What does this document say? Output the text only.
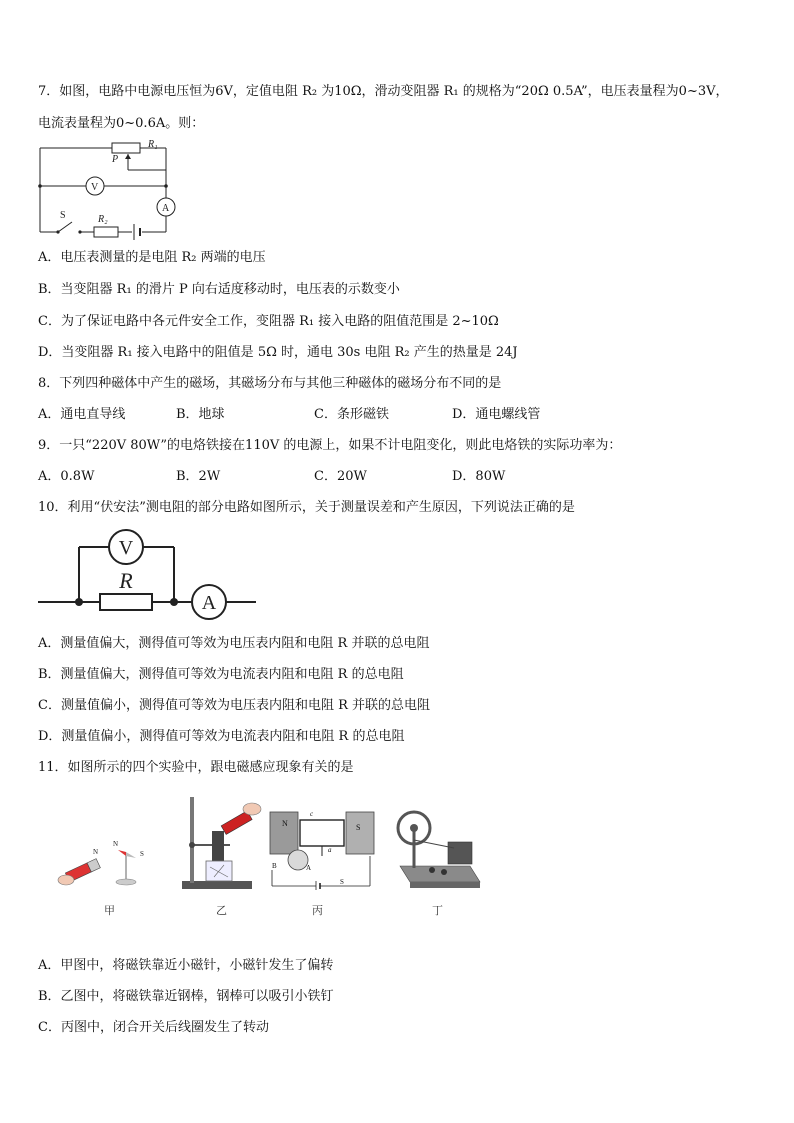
7．如图，电路中电源电压恒为6V，定值电阻 R₂ 为10Ω，滑动变阻器 R₁ 的规格为“20Ω 0.5A”，电压表量程为0~3V，
电流表量程为0~0.6A。则：
R₁
P
V
A
S	R₂
A．电压表测量的是电阻 R₂ 两端的电压
B．当变阻器 R₁ 的滑片 P 向右适度移动时，电压表的示数变小
C．为了保证电路中各元件安全工作，变阻器 R₁ 接入电路的阻值范围是 2~10Ω
D．当变阻器 R₁ 接入电路中的阻值是 5Ω 时，通电 30s 电阻 R₂ 产生的热量是 24J
8．下列四种磁体中产生的磁场，其磁场分布与其他三种磁体的磁场分布不同的是
A．通电直导线	B．地球	C．条形磁铁	D．通电螺线管
9．一只“220V 80W”的电烙铁接在110V 的电源上，如果不计电阻变化，则此电烙铁的实际功率为：
A．0.8W	B．2W	C．20W	D．80W
10．利用“伏安法”测电阻的部分电路如图所示，关于测量误差和产生原因，下列说法正确的是
V
R
A
A．测量值偏大，测得值可等效为电压表内阻和电阻 R 并联的总电阻
B．测量值偏大，测得值可等效为电流表内阻和电阻 R 的总电阻
C．测量值偏小，测得值可等效为电压表内阻和电阻 R 并联的总电阻
D．测量值偏小，测得值可等效为电流表内阻和电阻 R 的总电阻
11．如图所示的四个实验中，跟电磁感应现象有关的是
N
N
S
N	S
B	A
a
c
S
甲	乙	丙	丁
A．甲图中，将磁铁靠近小磁针，小磁针发生了偏转
B．乙图中，将磁铁靠近钢棒，钢棒可以吸引小铁钉
C．丙图中，闭合开关后线圈发生了转动
